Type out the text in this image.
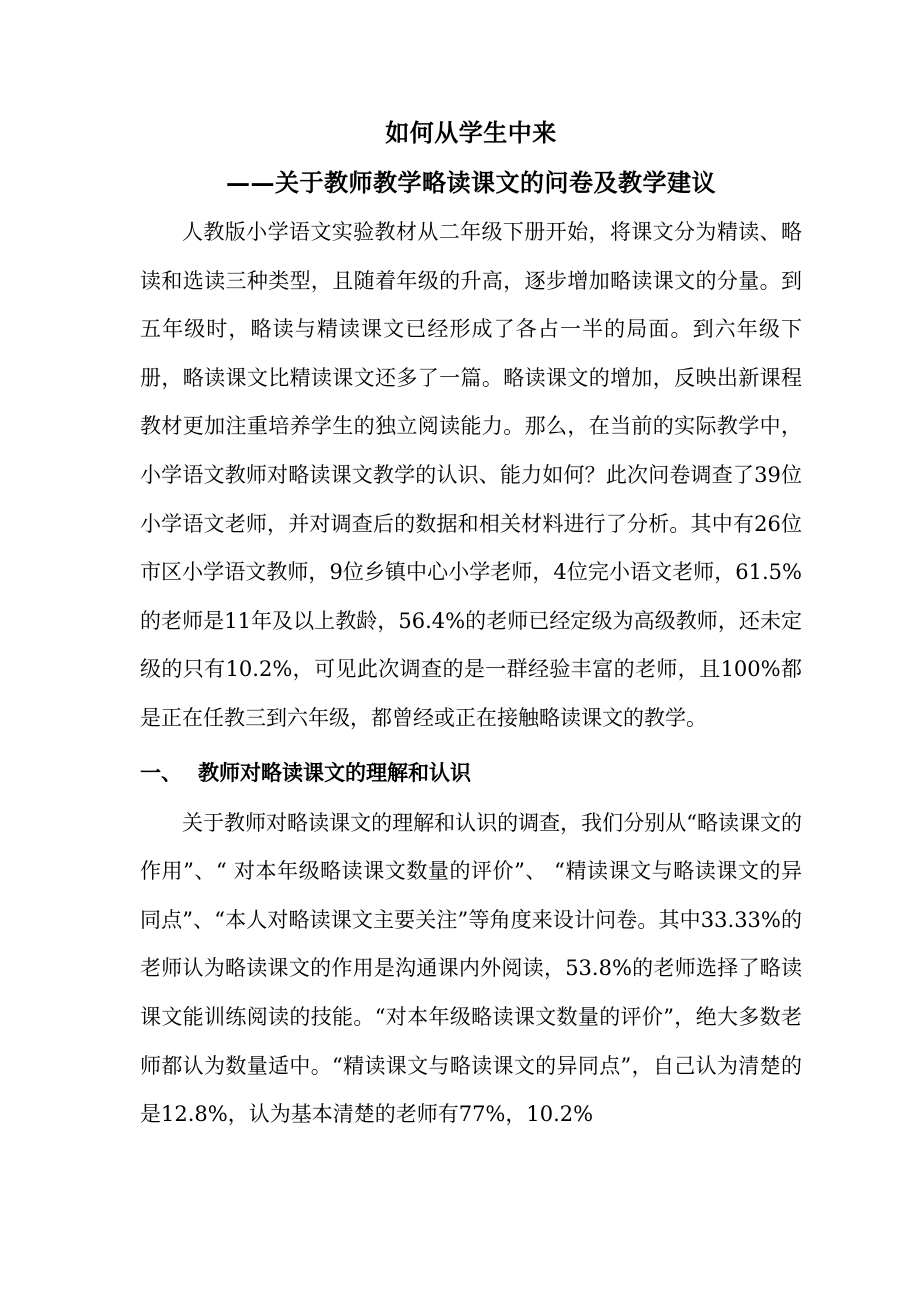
如何从学生中来
——关于教师教学略读课文的问卷及教学建议

人教版小学语文实验教材从二年级下册开始，将课文分为精读、略读和选读三种类型，且随着年级的升高，逐步增加略读课文的分量。到五年级时，略读与精读课文已经形成了各占一半的局面。到六年级下册，略读课文比精读课文还多了一篇。略读课文的增加，反映出新课程教材更加注重培养学生的独立阅读能力。那么，在当前的实际教学中，小学语文教师对略读课文教学的认识、能力如何？此次问卷调查了39位小学语文老师，并对调查后的数据和相关材料进行了分析。其中有26位市区小学语文教师，9位乡镇中心小学老师，4位完小语文老师，61.5%的老师是11年及以上教龄，56.4%的老师已经定级为高级教师，还未定级的只有10.2%，可见此次调查的是一群经验丰富的老师，且100%都是正在任教三到六年级，都曾经或正在接触略读课文的教学。

一、 教师对略读课文的理解和认识

关于教师对略读课文的理解和认识的调查，我们分别从“略读课文的作用”、“ 对本年级略读课文数量的评价”、 “精读课文与略读课文的异同点”、“本人对略读课文主要关注”等角度来设计问卷。其中33.33%的老师认为略读课文的作用是沟通课内外阅读，53.8%的老师选择了略读课文能训练阅读的技能。“对本年级略读课文数量的评价”，绝大多数老师都认为数量适中。“精读课文与略读课文的异同点”，自己认为清楚的是12.8%，认为基本清楚的老师有77%，10.2%
